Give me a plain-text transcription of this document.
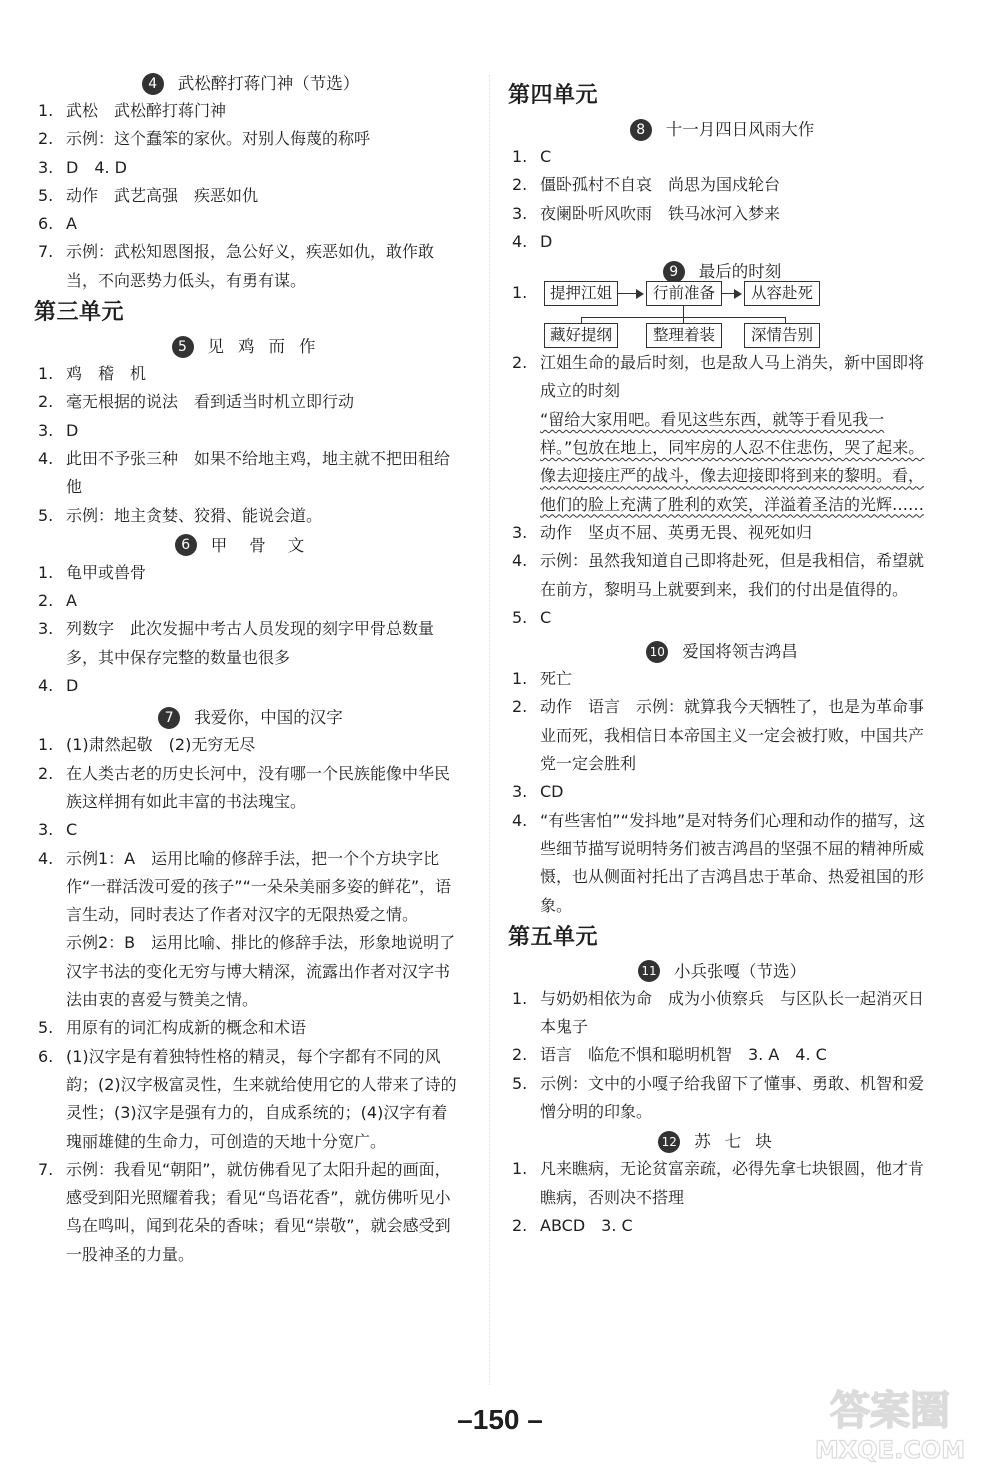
4 武松醉打蒋门神（节选）
1. 武松　武松醉打蒋门神
2. 示例：这个蠢笨的家伙。对别人侮蔑的称呼
3. D　4. D
5. 动作　武艺高强　疾恶如仇
6. A
7. 示例：武松知恩图报，急公好义，疾恶如仇，敢作敢当，不向恶势力低头，有勇有谋。
第三单元
5 见鸡而作
1. 鸡　稽　机
2. 毫无根据的说法　看到适当时机立即行动
3. D
4. 此田不予张三种　如果不给地主鸡，地主就不把田租给他
5. 示例：地主贪婪、狡猾、能说会道。
6 甲骨文
1. 龟甲或兽骨
2. A
3. 列数字　此次发掘中考古人员发现的刻字甲骨总数量多，其中保存完整的数量也很多
4. D
7 我爱你，中国的汉字
1. (1)肃然起敬　(2)无穷无尽
2. 在人类古老的历史长河中，没有哪一个民族能像中华民族这样拥有如此丰富的书法瑰宝。
3. C
4. 示例1：A　运用比喻的修辞手法，把一个个方块字比作“一群活泼可爱的孩子”“一朵朵美丽多姿的鲜花”，语言生动，同时表达了作者对汉字的无限热爱之情。
示例2：B　运用比喻、排比的修辞手法，形象地说明了汉字书法的变化无穷与博大精深，流露出作者对汉字书法由衷的喜爱与赞美之情。
5. 用原有的词汇构成新的概念和术语
6. (1)汉字是有着独特性格的精灵，每个字都有不同的风韵；(2)汉字极富灵性，生来就给使用它的人带来了诗的灵性；(3)汉字是强有力的，自成系统的；(4)汉字有着瑰丽雄健的生命力，可创造的天地十分宽广。
7. 示例：我看见“朝阳”，就仿佛看见了太阳升起的画面，感受到阳光照耀着我；看见“鸟语花香”，就仿佛听见小鸟在鸣叫，闻到花朵的香味；看见“崇敬”，就会感受到一股神圣的力量。
第四单元
8 十一月四日风雨大作
1. C
2. 僵卧孤村不自哀　尚思为国戍轮台
3. 夜阑卧听风吹雨　铁马冰河入梦来
4. D
9 最后的时刻
1.	提押江姐	行前准备	从容赴死
藏好提纲	整理着装	深情告别
2. 江姐生命的最后时刻，也是敌人马上消失，新中国即将成立的时刻
“留给大家用吧。看见这些东西，就等于看见我一样。”包放在地上，同牢房的人忍不住悲伤，哭了起来。
像去迎接庄严的战斗，像去迎接即将到来的黎明。看，他们的脸上充满了胜利的欢笑，洋溢着圣洁的光辉……
3. 动作　坚贞不屈、英勇无畏、视死如归
4. 示例：虽然我知道自己即将赴死，但是我相信，希望就在前方，黎明马上就要到来，我们的付出是值得的。
5. C
10 爱国将领吉鸿昌
1. 死亡
2. 动作　语言　示例：就算我今天牺牲了，也是为革命事业而死，我相信日本帝国主义一定会被打败，中国共产党一定会胜利
3. CD
4. “有些害怕”“发抖地”是对特务们心理和动作的描写，这些细节描写说明特务们被吉鸿昌的坚强不屈的精神所威慑，也从侧面衬托出了吉鸿昌忠于革命、热爱祖国的形象。
第五单元
11 小兵张嘎（节选）
1. 与奶奶相依为命　成为小侦察兵　与区队长一起消灭日本鬼子
2. 语言　临危不惧和聪明机智　3. A　4. C
5. 示例：文中的小嘎子给我留下了懂事、勇敢、机智和爱憎分明的印象。
12 苏七块
1. 凡来瞧病，无论贫富亲疏，必得先拿七块银圆，他才肯瞧病，否则决不搭理
2. ABCD　3. C
–150 –	答案圈
MXQE.COM
